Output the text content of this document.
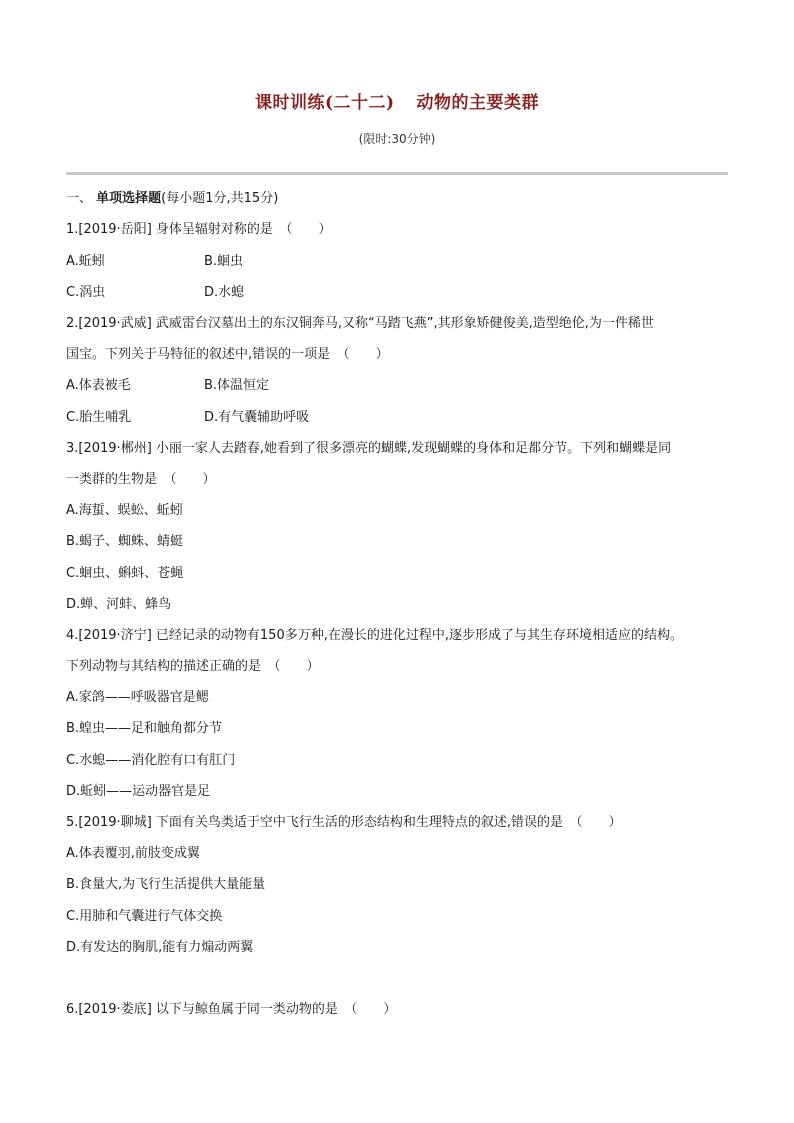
课时训练(二十二) 动物的主要类群
(限时:30分钟)
一、 单项选择题(每小题1分,共15分)
1.[2019·岳阳] 身体呈辐射对称的是　（　　）
A.蚯蚓	B.蛔虫
C.涡虫	D.水螅
2.[2019·武威] 武威雷台汉墓出土的东汉铜奔马,又称“马踏飞燕”,其形象矫健俊美,造型绝伦,为一件稀世
国宝。下列关于马特征的叙述中,错误的一项是　（　　）
A.体表被毛	B.体温恒定
C.胎生哺乳	D.有气囊辅助呼吸
3.[2019·郴州] 小丽一家人去踏春,她看到了很多漂亮的蝴蝶,发现蝴蝶的身体和足都分节。下列和蝴蝶是同
一类群的生物是　（　　）
A.海蜇、蜈蚣、蚯蚓
B.蝎子、蜘蛛、蜻蜓
C.蛔虫、蝌蚪、苍蝇
D.蝉、河蚌、蜂鸟
4.[2019·济宁] 已经记录的动物有150多万种,在漫长的进化过程中,逐步形成了与其生存环境相适应的结构。
下列动物与其结构的描述正确的是　（　　）
A.家鸽——呼吸器官是鳃
B.蝗虫——足和触角都分节
C.水螅——消化腔有口有肛门
D.蚯蚓——运动器官是足
5.[2019·聊城] 下面有关鸟类适于空中飞行生活的形态结构和生理特点的叙述,错误的是　（　　）
A.体表覆羽,前肢变成翼
B.食量大,为飞行生活提供大量能量
C.用肺和气囊进行气体交换
D.有发达的胸肌,能有力煽动两翼
6.[2019·娄底] 以下与鲸鱼属于同一类动物的是　（　　）
